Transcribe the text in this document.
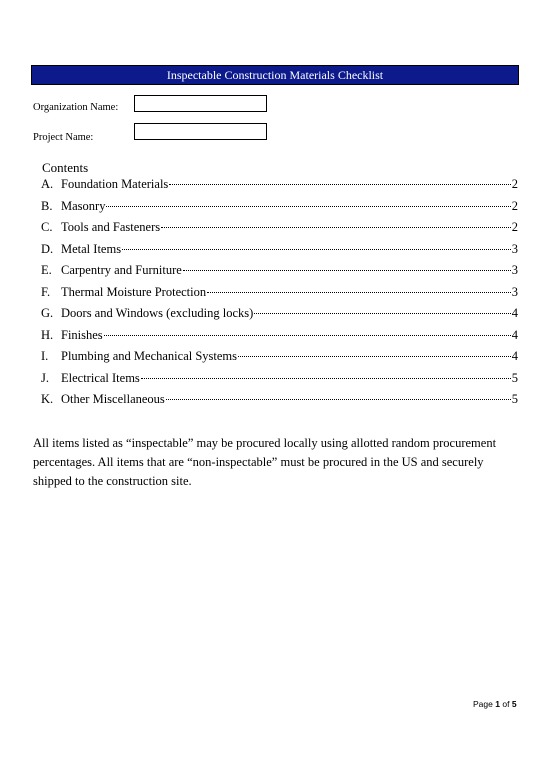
Inspectable Construction Materials Checklist
Organization Name:
Project Name:
Contents
A. Foundation Materials	2
B. Masonry	2
C. Tools and Fasteners	2
D. Metal Items	3
E. Carpentry and Furniture	3
F. Thermal Moisture Protection	3
G. Doors and Windows (excluding locks)	4
H. Finishes	4
I.	Plumbing and Mechanical Systems	4
J. Electrical Items	5
K. Other Miscellaneous	5
All items listed as “inspectable” may be procured locally using allotted random procurement percentages. All items that are “non-inspectable” must be procured in the US and securely shipped to the construction site.
Page 1 of 5
